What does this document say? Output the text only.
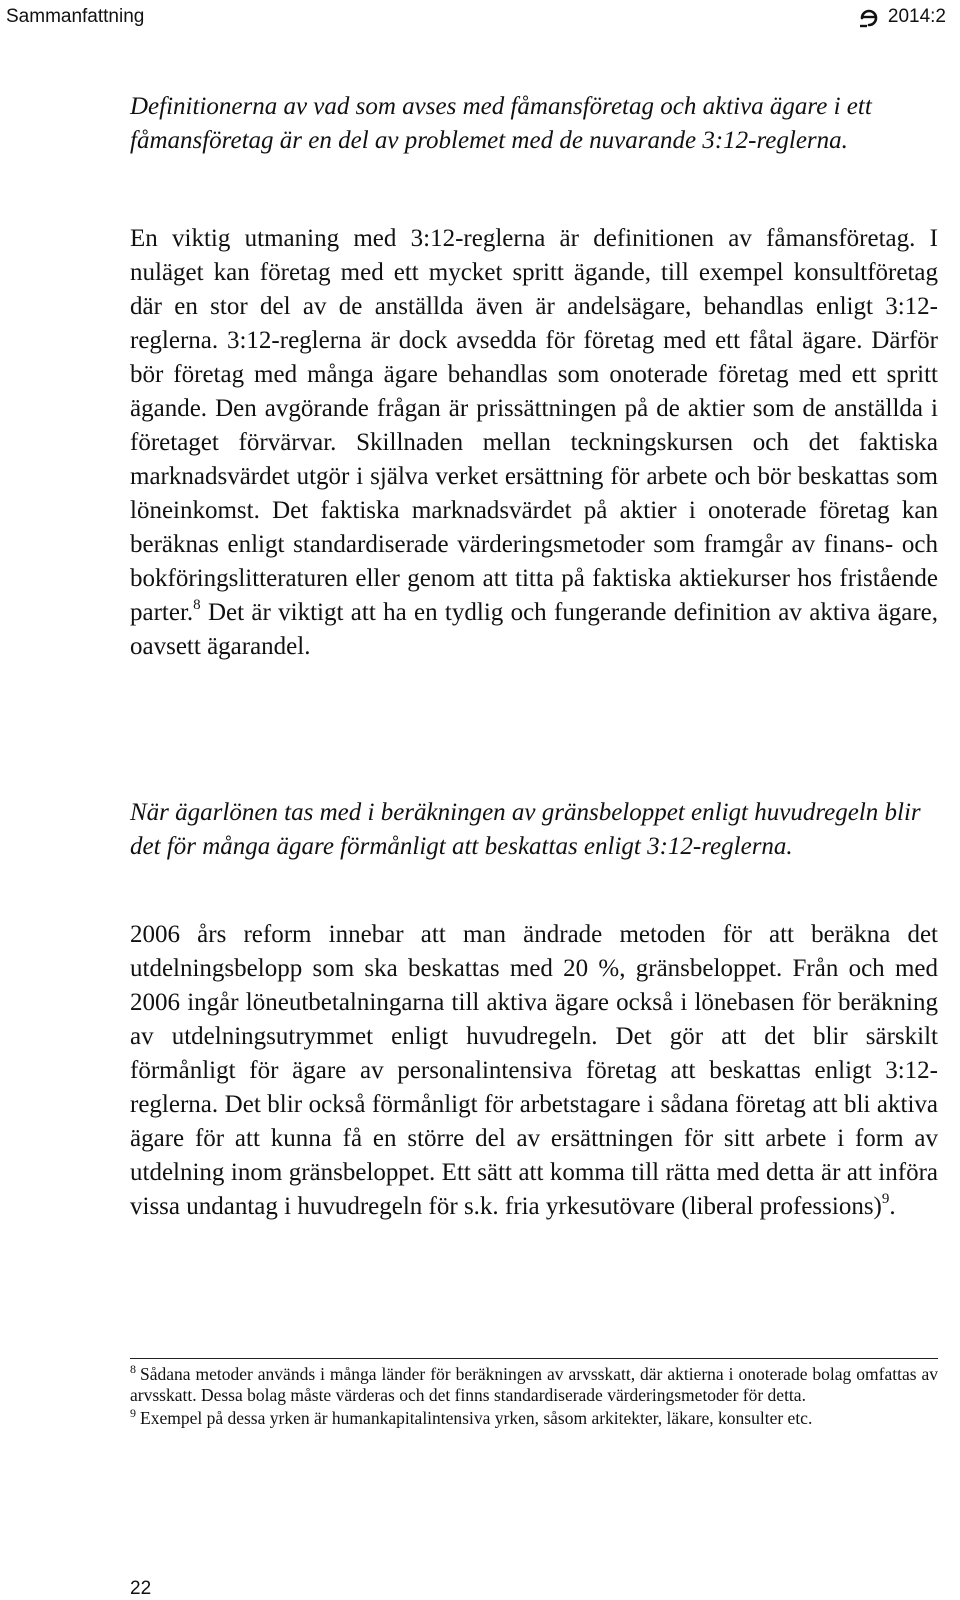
Sammanfattning	2014:2
Definitionerna av vad som avses med fåmansföretag och aktiva ägare i ett fåmansföretag är en del av problemet med de nuvarande 3:12-reglerna.
En viktig utmaning med 3:12-reglerna är definitionen av fåmansföretag. I nuläget kan företag med ett mycket spritt ägande, till exempel konsultföretag där en stor del av de anställda även är andelsägare, behandlas enligt 3:12-reglerna. 3:12-reglerna är dock avsedda för företag med ett fåtal ägare. Därför bör företag med många ägare behandlas som onoterade företag med ett spritt ägande. Den avgörande frågan är prissättningen på de aktier som de anställda i företaget förvärvar. Skillnaden mellan teckningskursen och det faktiska marknadsvärdet utgör i själva verket ersättning för arbete och bör beskattas som löneinkomst. Det faktiska marknadsvärdet på aktier i onoterade företag kan beräknas enligt standardiserade värderingsmetoder som framgår av finans- och bokföringslitteraturen eller genom att titta på faktiska aktiekurser hos fristående parter.$^8$ Det är viktigt att ha en tydlig och fungerande definition av aktiva ägare, oavsett ägarandel.
När ägarlönen tas med i beräkningen av gränsbeloppet enligt huvudregeln blir det för många ägare förmånligt att beskattas enligt 3:12-reglerna.
2006 års reform innebar att man ändrade metoden för att beräkna det utdelningsbelopp som ska beskattas med 20 %, gränsbeloppet. Från och med 2006 ingår löneutbetalningarna till aktiva ägare också i lönebasen för beräkning av utdelningsutrymmet enligt huvudregeln. Det gör att det blir särskilt förmånligt för ägare av personalintensiva företag att beskattas enligt 3:12-reglerna. Det blir också förmånligt för arbetstagare i sådana företag att bli aktiva ägare för att kunna få en större del av ersättningen för sitt arbete i form av utdelning inom gränsbeloppet. Ett sätt att komma till rätta med detta är att införa vissa undantag i huvudregeln för s.k. fria yrkesutövare (liberal professions)$^9$.

$^8$ Sådana metoder används i många länder för beräkningen av arvsskatt, där aktierna i onoterade bolag omfattas av arvsskatt. Dessa bolag måste värderas och det finns standardiserade värderingsmetoder för detta.

$^9$ Exempel på dessa yrken är humankapitalintensiva yrken, såsom arkitekter, läkare, konsulter etc.

22
